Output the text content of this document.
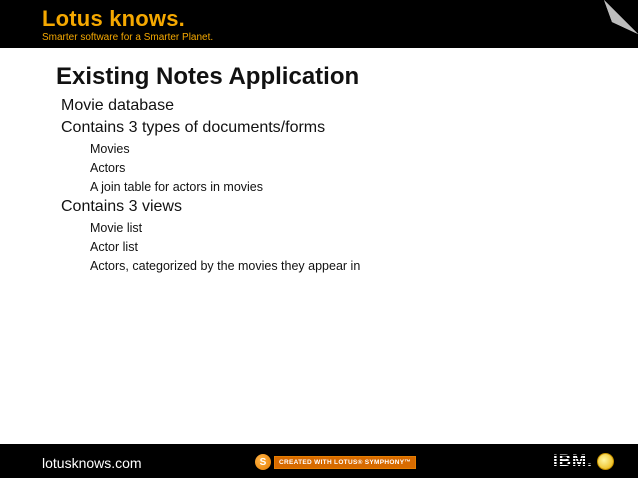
Lotus knows.
Smarter software for a Smarter Planet.
Existing Notes Application
Movie database
Contains 3 types of documents/forms
Movies
Actors
A join table for actors in movies
Contains 3 views
Movie list
Actor list
Actors, categorized by the movies they appear in
lotusknows.com	S	CREATED WITH LOTUS® SYMPHONY™	IBM.
